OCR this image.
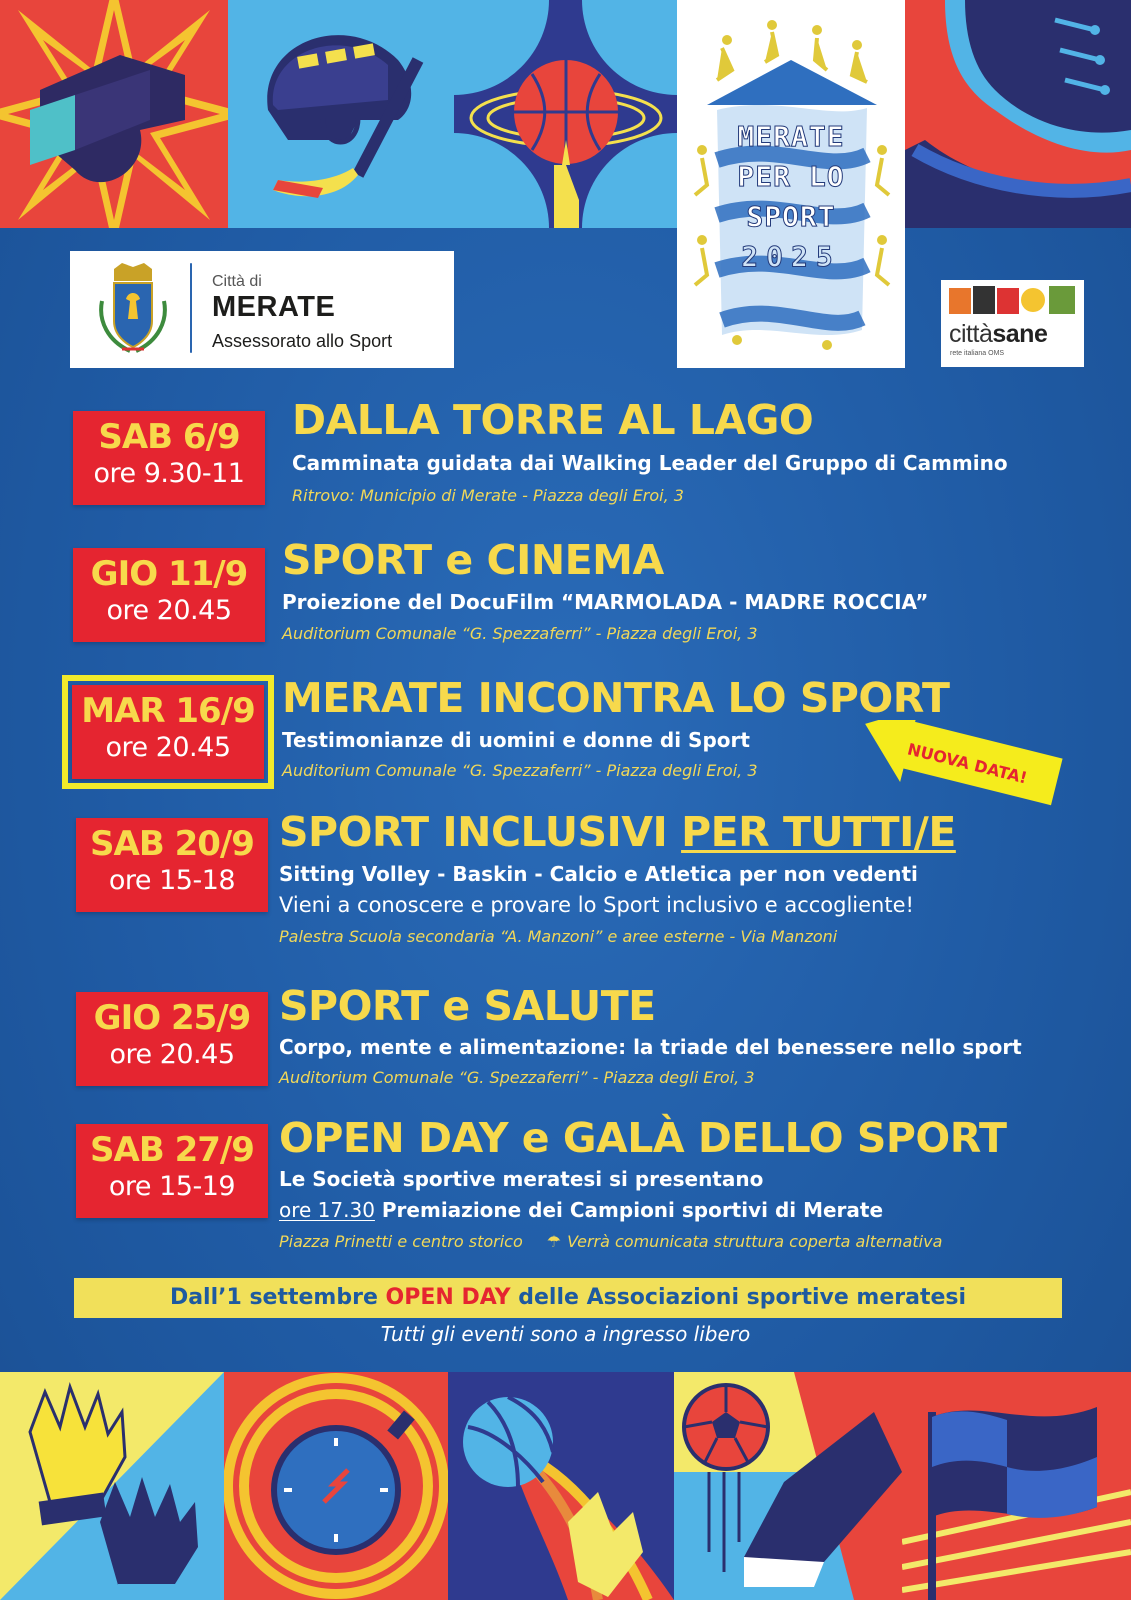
Città di
MERATE
Assessorato allo Sport
MERATE
PER LO
SPORT
2025
cittàsane
rete italiana OMS
SAB 6/9
ore 9.30-11
DALLA TORRE AL LAGO
Camminata guidata dai Walking Leader del Gruppo di Cammino
Ritrovo: Municipio di Merate - Piazza degli Eroi, 3
GIO 11/9
ore 20.45
SPORT e CINEMA
Proiezione del DocuFilm “MARMOLADA - MADRE ROCCIA”
Auditorium Comunale “G. Spezzaferri” - Piazza degli Eroi, 3
MAR 16/9
ore 20.45
MERATE INCONTRA LO SPORT
Testimonianze di uomini e donne di Sport
Auditorium Comunale “G. Spezzaferri” - Piazza degli Eroi, 3	NUOVA DATA!
SAB 20/9
ore 15-18
SPORT INCLUSIVI PER TUTTI/E
Sitting Volley - Baskin - Calcio e Atletica per non vedenti
Vieni a conoscere e provare lo Sport inclusivo e accogliente!
Palestra Scuola secondaria “A. Manzoni” e aree esterne - Via Manzoni
GIO 25/9
ore 20.45
SPORT e SALUTE
Corpo, mente e alimentazione: la triade del benessere nello sport
Auditorium Comunale “G. Spezzaferri” - Piazza degli Eroi, 3
SAB 27/9
ore 15-19
OPEN DAY e GALÀ DELLO SPORT
Le Società sportive meratesi si presentano
ore 17.30 Premiazione dei Campioni sportivi di Merate
Piazza Prinetti e centro storico ☂ Verrà comunicata struttura coperta alternativa
Dall’1 settembre OPEN DAY delle Associazioni sportive meratesi
Tutti gli eventi sono a ingresso libero
